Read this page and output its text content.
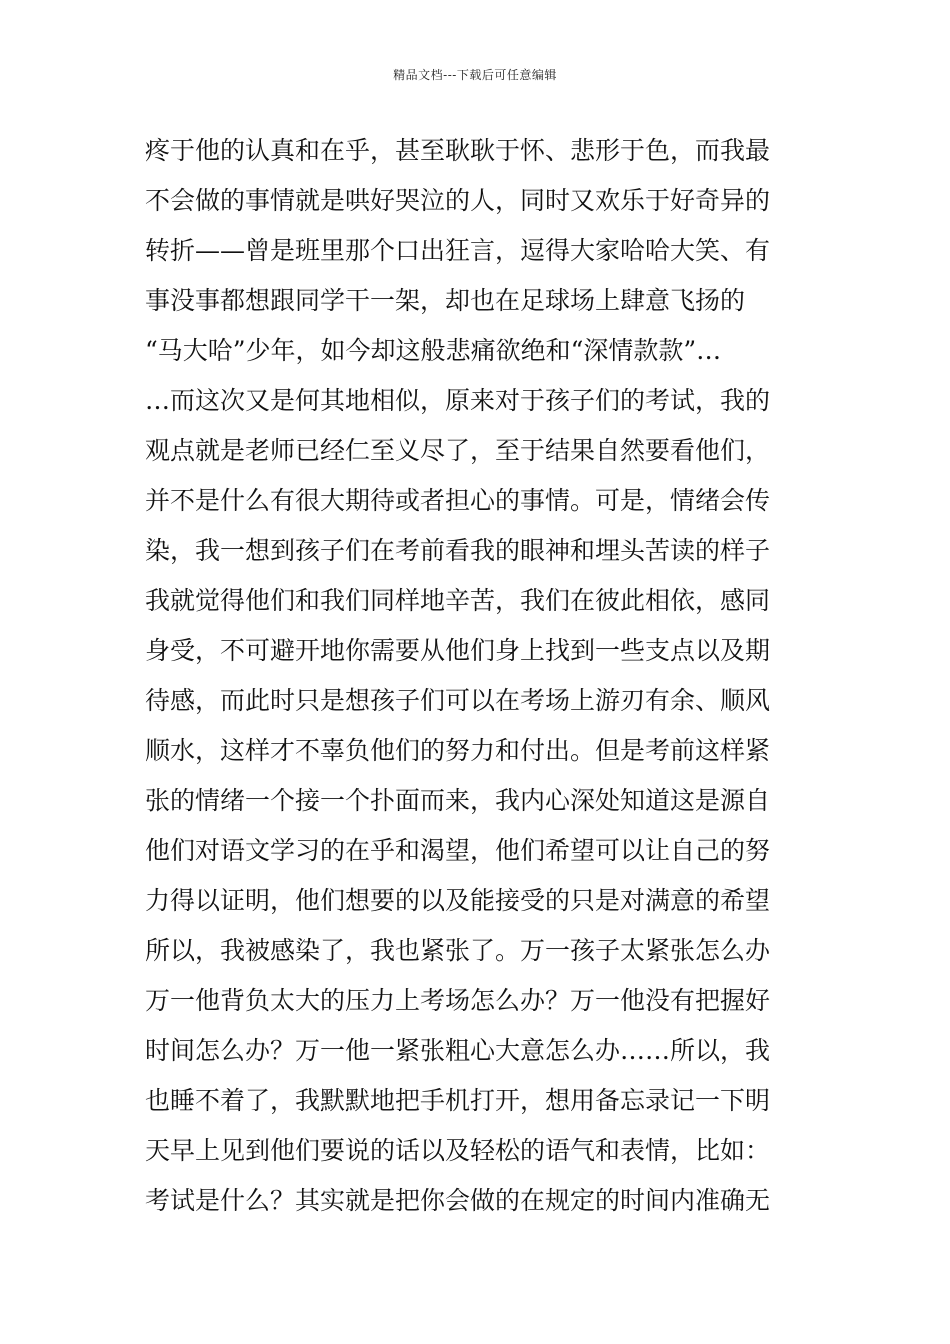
精品文档---下载后可任意编辑
疼于他的认真和在乎，甚至耿耿于怀、悲形于色，而我最
不会做的事情就是哄好哭泣的人，同时又欢乐于好奇异的
转折——曾是班里那个口出狂言，逗得大家哈哈大笑、有
事没事都想跟同学干一架，却也在足球场上肆意飞扬的
“马大哈”少年，如今却这般悲痛欲绝和“深情款款”…
…而这次又是何其地相似，原来对于孩子们的考试，我的
观点就是老师已经仁至义尽了，至于结果自然要看他们，
并不是什么有很大期待或者担心的事情。可是，情绪会传
染，我一想到孩子们在考前看我的眼神和埋头苦读的样子
我就觉得他们和我们同样地辛苦，我们在彼此相依，感同
身受，不可避开地你需要从他们身上找到一些支点以及期
待感，而此时只是想孩子们可以在考场上游刃有余、顺风
顺水，这样才不辜负他们的努力和付出。但是考前这样紧
张的情绪一个接一个扑面而来，我内心深处知道这是源自
他们对语文学习的在乎和渴望，他们希望可以让自己的努
力得以证明，他们想要的以及能接受的只是对满意的希望
所以，我被感染了，我也紧张了。万一孩子太紧张怎么办
万一他背负太大的压力上考场怎么办？万一他没有把握好
时间怎么办？万一他一紧张粗心大意怎么办……所以，我
也睡不着了，我默默地把手机打开，想用备忘录记一下明
天早上见到他们要说的话以及轻松的语气和表情，比如：
考试是什么？其实就是把你会做的在规定的时间内准确无
